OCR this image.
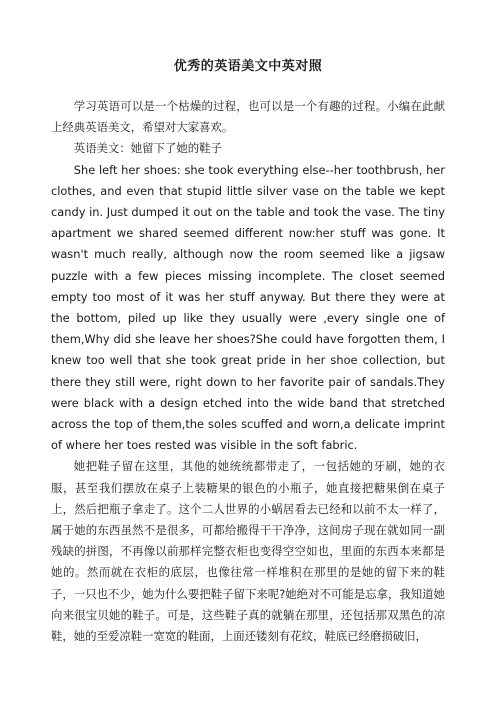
优秀的英语美文中英对照

学习英语可以是一个枯燥的过程，也可以是一个有趣的过程。小编在此献上经典英语美文，希望对大家喜欢。

英语美文：她留下了她的鞋子

She left her shoes: she took everything else--her toothbrush, her clothes, and even that stupid little silver vase on the table we kept candy in. Just dumped it out on the table and took the vase. The tiny apartment we shared seemed different now:her stuff was gone. It wasn't much really, although now the room seemed like a jigsaw puzzle with a few pieces missing incomplete. The closet seemed empty too most of it was her stuff anyway. But there they were at the bottom, piled up like they usually were ,every single one of them,Why did she leave her shoes?She could have forgotten them, I knew too well that she took great pride in her shoe collection, but there they still were, right down to her favorite pair of sandals.They were black with a design etched into the wide band that stretched across the top of them,the soles scuffed and worn,a delicate imprint of where her toes rested was visible in the soft fabric.

她把鞋子留在这里，其他的她统统都带走了，一包括她的牙刷，她的衣服，甚至我们摆放在桌子上装糖果的银色的小瓶子，她直接把糖果倒在桌子上，然后把瓶子拿走了。这个二人世界的小蜗居看去已经和以前不太一样了，属于她的东西虽然不是很多，可都给搬得干干净净，这间房子现在就如同一副残缺的拼图，不再像以前那样完整衣柜也变得空空如也，里面的东西本来都是她的。然而就在衣柜的底层，也像往常一样堆积在那里的是她的留下来的鞋子，一只也不少，她为什么要把鞋子留下来呢?她绝对不可能是忘拿，我知道她向来很宝贝她的鞋子。可是，这些鞋子真的就躺在那里，还包括那双黑色的凉鞋，她的至爱凉鞋一宽宽的鞋面，上面还镂刻有花纹，鞋底已经磨损破旧，
